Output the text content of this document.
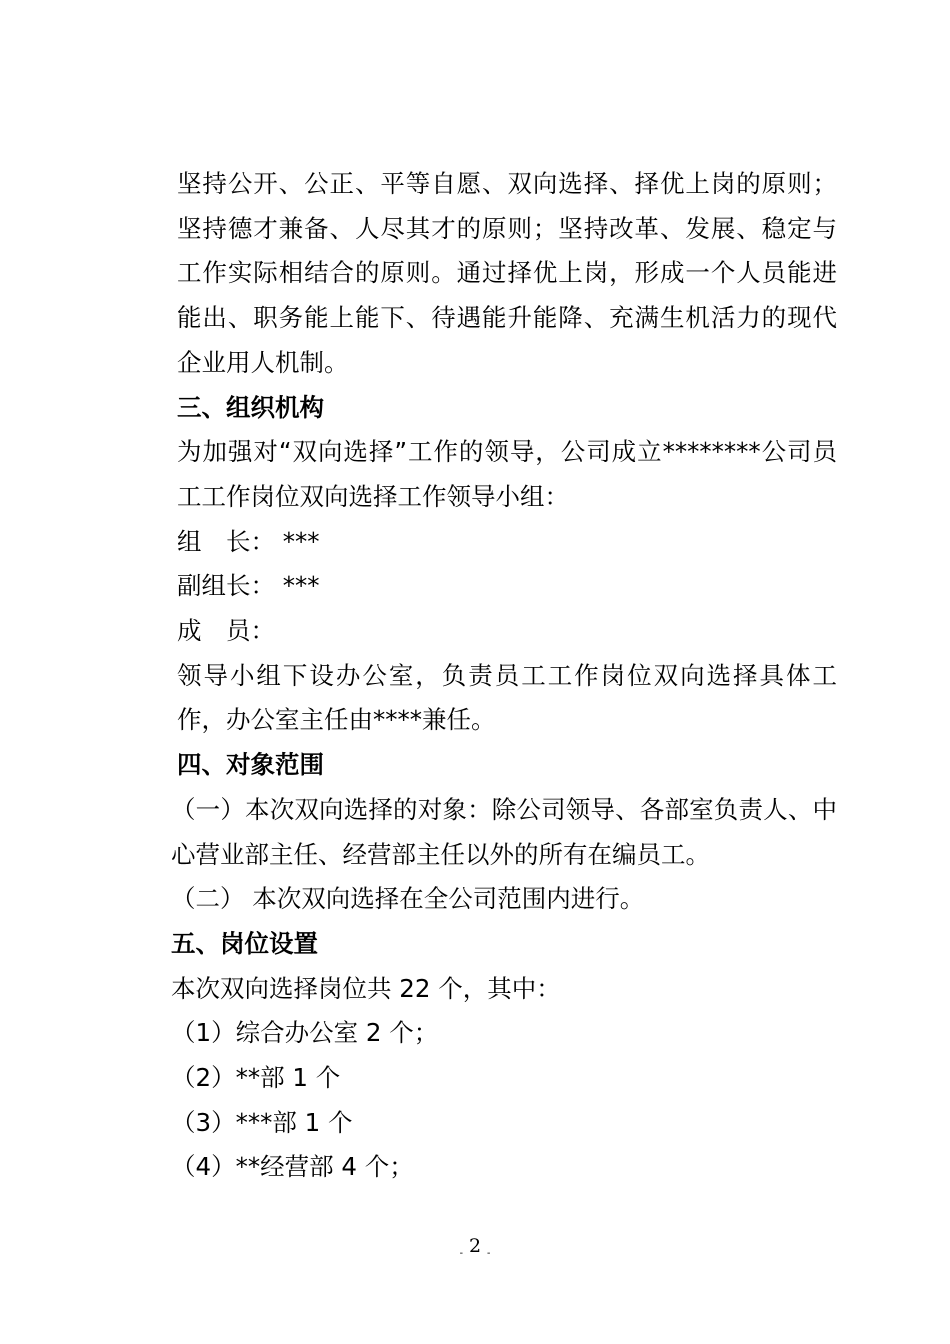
坚持公开、公正、平等自愿、双向选择、择优上岗的原则；坚持德才兼备、人尽其才的原则；坚持改革、发展、稳定与工作实际相结合的原则。通过择优上岗，形成一个人员能进能出、职务能上能下、待遇能升能降、充满生机活力的现代企业用人机制。

三、组织机构

为加强对“双向选择”工作的领导，公司成立********公司员工工作岗位双向选择工作领导小组：

组　长： ***

副组长： ***

成　员：

领导小组下设办公室，负责员工工作岗位双向选择具体工作，办公室主任由****兼任。

四、对象范围

（一）本次双向选择的对象：除公司领导、各部室负责人、中心营业部主任、经营部主任以外的所有在编员工。

（二） 本次双向选择在全公司范围内进行。

五、岗位设置

本次双向选择岗位共 22 个，其中：

（1）综合办公室 2 个；

（2）**部 1 个

（3）***部 1 个

（4）**经营部 4 个；

$_-$ 2 $_-$
